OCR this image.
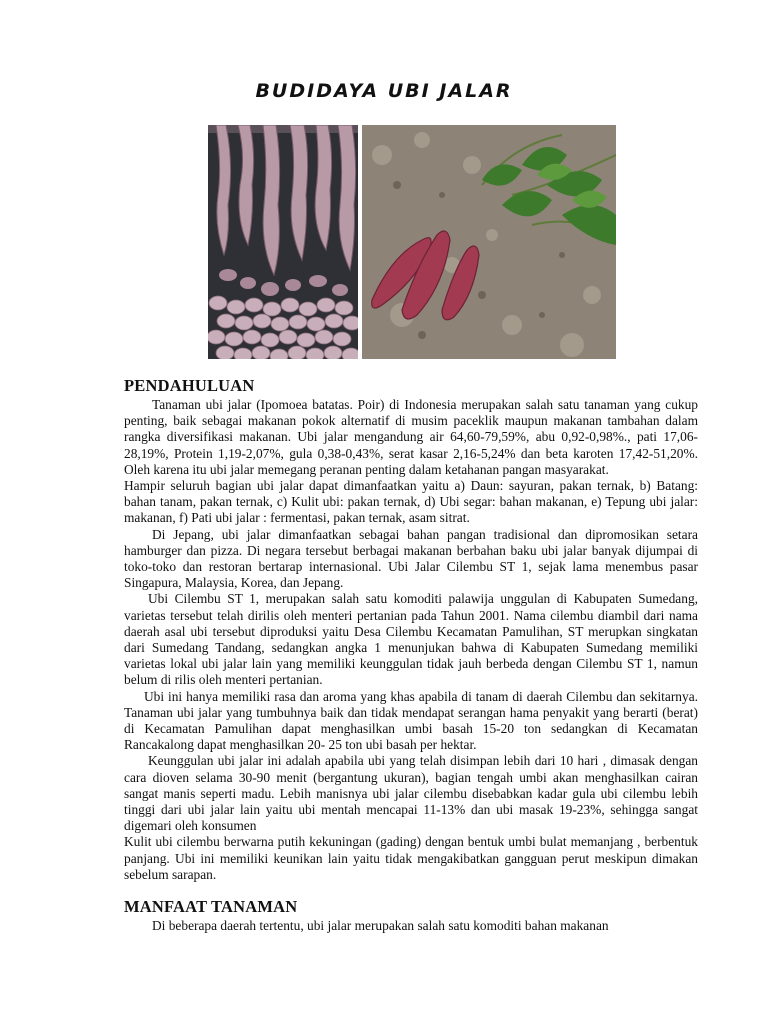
BUDIDAYA UBI JALAR
PENDAHULUAN

Tanaman ubi jalar (Ipomoea batatas. Poir) di Indonesia merupakan salah satu tanaman yang cukup penting, baik sebagai makanan pokok alternatif di musim paceklik maupun makanan tambahan dalam rangka diversifikasi makanan. Ubi jalar mengandung air 64,60-79,59%, abu 0,92-0,98%., pati 17,06-28,19%, Protein 1,19-2,07%, gula 0,38-0,43%, serat kasar 2,16-5,24% dan beta karoten 17,42-51,20%. Oleh karena itu ubi jalar memegang peranan penting dalam ketahanan pangan masyarakat.

Hampir seluruh bagian ubi jalar dapat dimanfaatkan yaitu a) Daun: sayuran, pakan ternak, b) Batang: bahan tanam, pakan ternak, c) Kulit ubi: pakan ternak, d) Ubi segar: bahan makanan, e) Tepung ubi jalar: makanan, f) Pati ubi jalar : fermentasi, pakan ternak, asam sitrat.

Di Jepang, ubi jalar dimanfaatkan sebagai bahan pangan tradisional dan dipromosikan setara hamburger dan pizza. Di negara tersebut berbagai makanan berbahan baku ubi jalar banyak dijumpai di toko-toko dan restoran bertarap internasional. Ubi Jalar Cilembu ST 1, sejak lama menembus pasar Singapura, Malaysia, Korea, dan Jepang.

Ubi Cilembu ST 1, merupakan salah satu komoditi palawija unggulan di Kabupaten Sumedang, varietas tersebut telah dirilis oleh menteri pertanian pada Tahun 2001. Nama cilembu diambil dari nama daerah asal ubi tersebut diproduksi yaitu Desa Cilembu Kecamatan Pamulihan, ST merupkan singkatan dari Sumedang Tandang, sedangkan angka 1 menunjukan bahwa di Kabupaten Sumedang memiliki varietas lokal ubi jalar lain yang memiliki keunggulan tidak jauh berbeda dengan Cilembu ST 1, namun belum di rilis oleh menteri pertanian.

Ubi ini hanya memiliki rasa dan aroma yang khas apabila di tanam di daerah Cilembu dan sekitarnya. Tanaman ubi jalar yang tumbuhnya baik dan tidak mendapat serangan hama penyakit yang berarti (berat) di Kecamatan Pamulihan dapat menghasilkan umbi basah 15-20 ton sedangkan di Kecamatan Rancakalong dapat menghasilkan 20- 25 ton ubi basah per hektar.

Keunggulan ubi jalar ini adalah apabila ubi yang telah disimpan lebih dari 10 hari , dimasak dengan cara dioven selama 30-90 menit (bergantung ukuran), bagian tengah umbi akan menghasilkan cairan sangat manis seperti madu. Lebih manisnya ubi jalar cilembu disebabkan kadar gula ubi cilembu lebih tinggi dari ubi jalar lain yaitu ubi mentah mencapai 11-13% dan ubi masak 19-23%, sehingga sangat digemari oleh konsumen

Kulit ubi cilembu berwarna putih kekuningan (gading) dengan bentuk umbi bulat memanjang , berbentuk panjang. Ubi ini memiliki keunikan lain yaitu tidak mengakibatkan gangguan perut meskipun dimakan sebelum sarapan.

MANFAAT TANAMAN

Di beberapa daerah tertentu, ubi jalar merupakan salah satu komoditi bahan makanan
